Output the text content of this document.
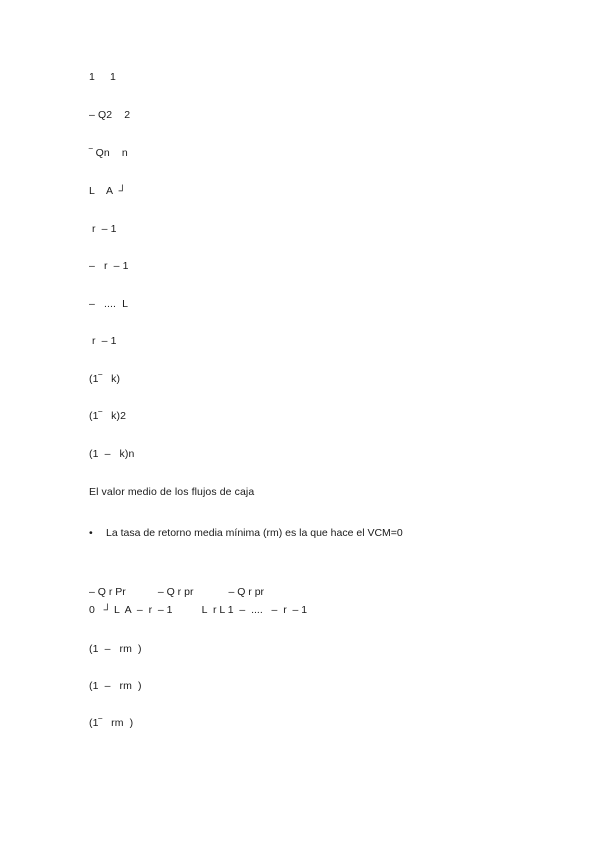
1     1
– Q2    2
‾ Qn    n
L    A  ┘
r  – 1
–   r  – 1
–   ....  L
r  – 1
(1‾   k)
(1‾   k)2
(1  –   k)n
El valor medio de los flujos de caja
•	La tasa de retorno media mínima (rm) es la que hace el VCM=0
– Q r Pr           – Q r pr            – Q r pr
0   ┘ L  A  –  r  – 1          L  r L 1  –  ....   –  r  – 1
(1  –   rm  )
(1  –   rm  )
(1‾   rm  )
